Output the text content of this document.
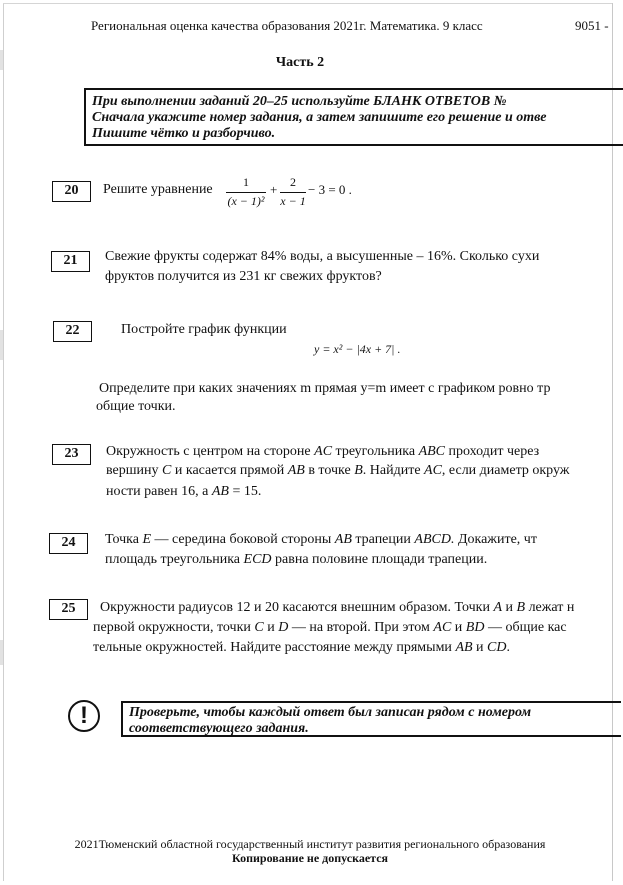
Региональная оценка качества образования 2021г. Математика. 9 класс	9051 -
Часть 2
При выполнении заданий 20–25 используйте БЛАНК ОТВЕТОВ №
Сначала укажите номер задания, а затем запишите его решение и отве
Пишите чётко и разборчиво.
20	Решите уравнение	1
(x − 1)²
+	2
x − 1
− 3 = 0 .
21	Свежие фрукты содержат 84% воды, а высушенные – 16%. Сколько сухи
фруктов получится из 231 кг свежих фруктов?
22	Постройте график функции
y = x² − |4x + 7| .
Определите при каких значениях m прямая y=m имеет с графиком ровно тр
общие точки.
23	Окружность с центром на стороне AC треугольника ABC проходит через
вершину C и касается прямой AB в точке B. Найдите AC, если диаметр окруж
ности равен 16, а AB = 15.
24	Точка E — середина боковой стороны AB трапеции ABCD. Докажите, чт
площадь треугольника ECD равна половине площади трапеции.
25	Окружности радиусов 12 и 20 касаются внешним образом. Точки A и B лежат н
первой окружности, точки C и D — на второй. При этом AC и BD — общие кас
тельные окружностей. Найдите расстояние между прямыми AB и CD.
!	Проверьте, чтобы каждый ответ был записан рядом с номером
соответствующего задания.
2021Тюменский областной государственный институт развития регионального образования
Копирование не допускается
